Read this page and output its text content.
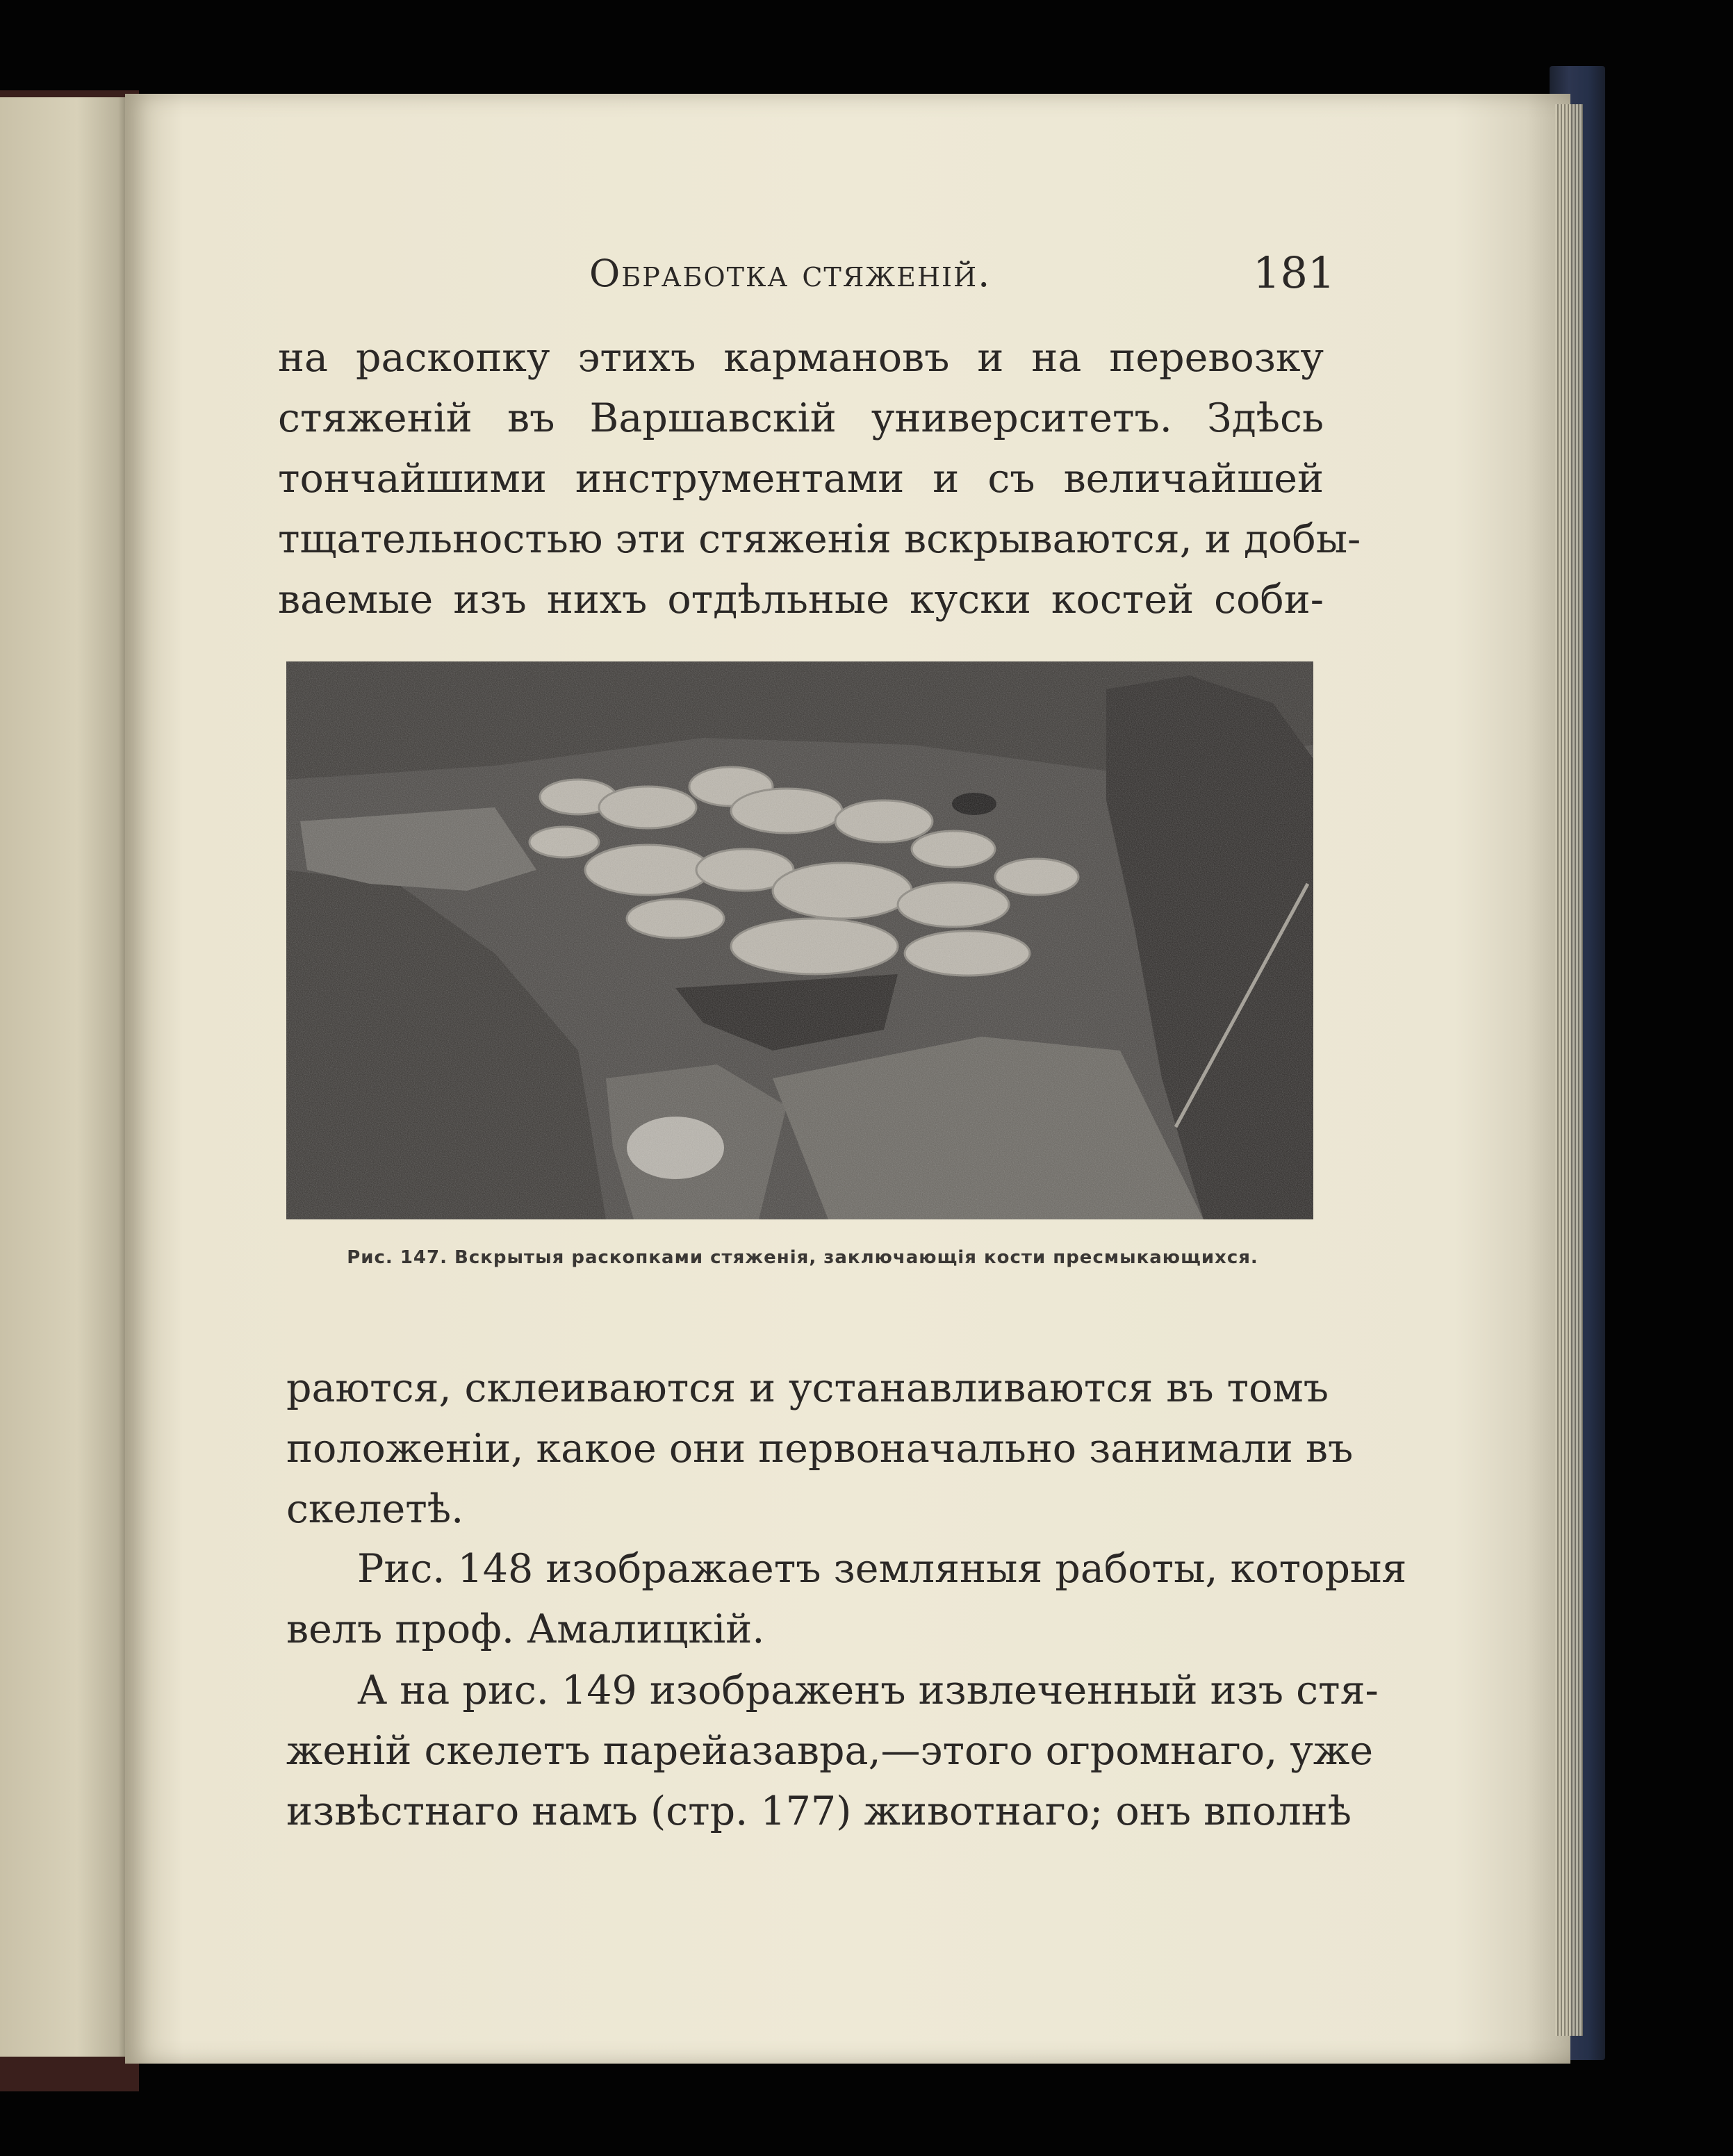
Обработка стяженiй.	181
на раскопку этихъ кармановъ и на перевозку
стяженiй въ Варшавскiй университетъ. Здѣсь
тончайшими инструментами и съ величайшей
тщательностью эти стяженiя вскрываются, и добы-
ваемые изъ нихъ отдѣльные куски костей соби-
Рис. 147. Вскрытыя раскопками стяженiя, заключающiя кости пресмыкающихся.
раются, склеиваются и устанавливаются въ томъ
положенiи, какое они первоначально занимали въ
скелетѣ.
Рис. 148 изображаетъ земляныя работы, которыя
велъ проф. Амалицкiй.
А на рис. 149 изображенъ извлеченный изъ стя-
женiй скелетъ парейазавра,—этого огромнаго, уже
извѣстнаго намъ (стр. 177) животнаго; онъ вполнѣ
